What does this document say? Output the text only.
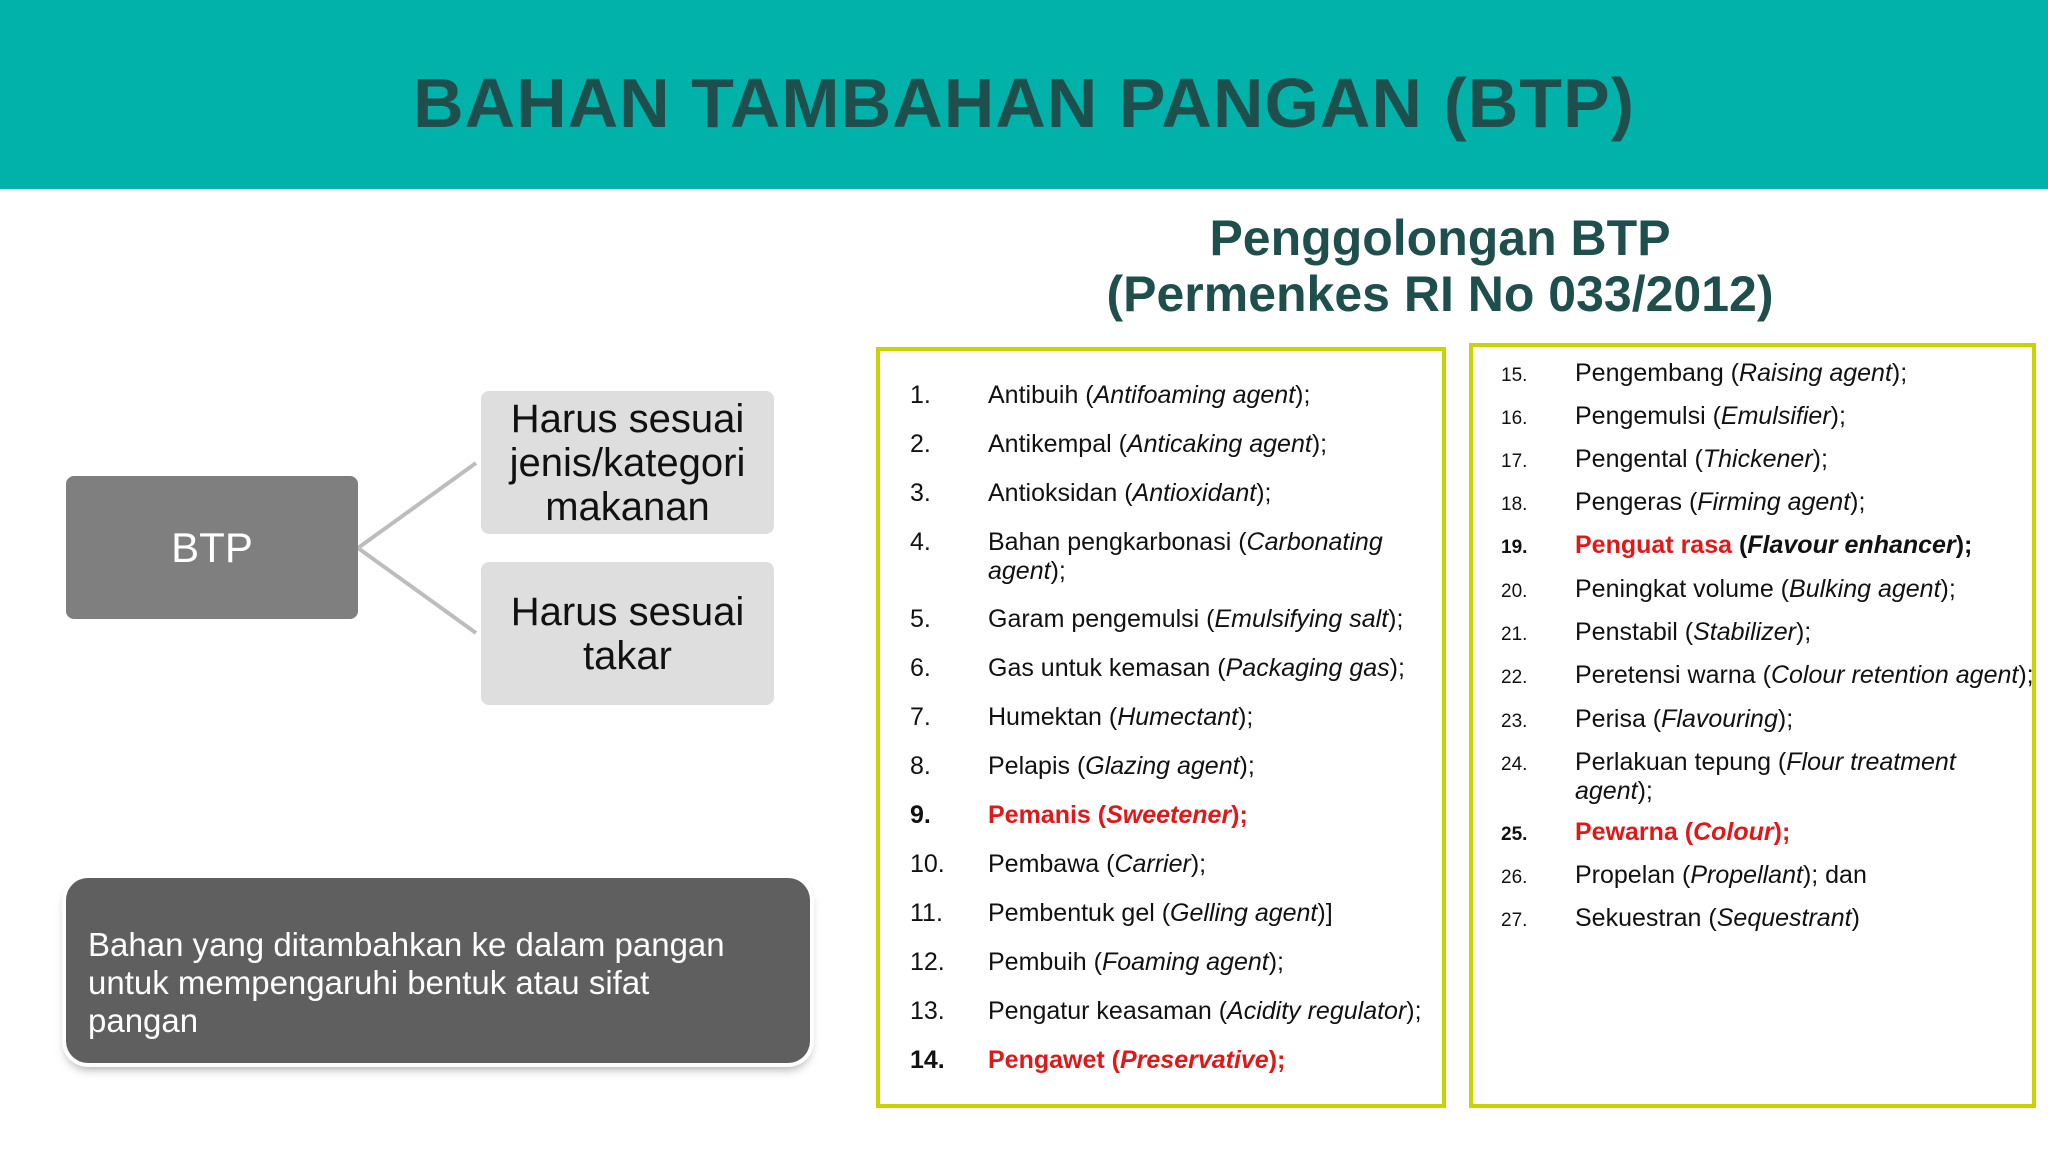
BAHAN TAMBAHAN PANGAN (BTP)
Penggolongan BTP
(Permenkes RI No 033/2012)
BTP
Harus sesuai
jenis/kategori
makanan
Harus sesuai
takar
Bahan yang ditambahkan ke dalam pangan
untuk mempengaruhi bentuk atau sifat
pangan
1. Antibuih (Antifoaming agent);
2. Antikempal (Anticaking agent);
3. Antioksidan (Antioxidant);
4. Bahan pengkarbonasi (Carbonating
agent);
5. Garam pengemulsi (Emulsifying salt);
6. Gas untuk kemasan (Packaging gas);
7. Humektan (Humectant);
8. Pelapis (Glazing agent);
9. Pemanis (Sweetener);
10. Pembawa (Carrier);
11. Pembentuk gel (Gelling agent)]
12. Pembuih (Foaming agent);
13. Pengatur keasaman (Acidity regulator);
14. Pengawet (Preservative);
15. Pengembang (Raising agent);
16. Pengemulsi (Emulsifier);
17. Pengental (Thickener);
18. Pengeras (Firming agent);
19. Penguat rasa (Flavour enhancer);
20. Peningkat volume (Bulking agent);
21. Penstabil (Stabilizer);
22. Peretensi warna (Colour retention agent);
23. Perisa (Flavouring);
24. Perlakuan tepung (Flour treatment
agent);
25. Pewarna (Colour);
26. Propelan (Propellant); dan
27. Sekuestran (Sequestrant)
